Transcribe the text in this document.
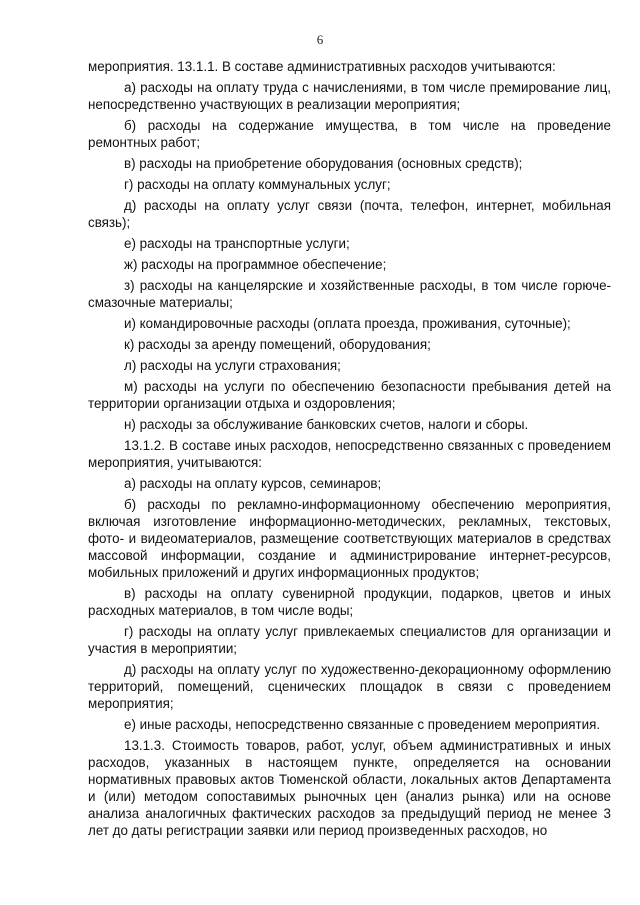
6

мероприятия. 13.1.1. В составе административных расходов учитываются:

а) расходы на оплату труда с начислениями, в том числе премирование лиц, непосредственно участвующих в реализации мероприятия;

б) расходы на содержание имущества, в том числе на проведение ремонтных работ;

в) расходы на приобретение оборудования (основных средств);

г) расходы на оплату коммунальных услуг;

д) расходы на оплату услуг связи (почта, телефон, интернет, мобильная связь);

е) расходы на транспортные услуги;

ж) расходы на программное обеспечение;

з) расходы на канцелярские и хозяйственные расходы, в том числе горюче-смазочные материалы;

и) командировочные расходы (оплата проезда, проживания, суточные);

к) расходы за аренду помещений, оборудования;

л) расходы на услуги страхования;

м) расходы на услуги по обеспечению безопасности пребывания детей на территории организации отдыха и оздоровления;

н) расходы за обслуживание банковских счетов, налоги и сборы.

13.1.2. В составе иных расходов, непосредственно связанных с проведением мероприятия, учитываются:

а) расходы на оплату курсов, семинаров;

б) расходы по рекламно-информационному обеспечению мероприятия, включая изготовление информационно-методических, рекламных, текстовых, фото- и видеоматериалов, размещение соответствующих материалов в средствах массовой информации, создание и администрирование интернет-ресурсов, мобильных приложений и других информационных продуктов;

в) расходы на оплату сувенирной продукции, подарков, цветов и иных расходных материалов, в том числе воды;

г) расходы на оплату услуг привлекаемых специалистов для организации и участия в мероприятии;

д) расходы на оплату услуг по художественно-декорационному оформлению территорий, помещений, сценических площадок в связи с проведением мероприятия;

е) иные расходы, непосредственно связанные с проведением мероприятия.

13.1.3. Стоимость товаров, работ, услуг, объем административных и иных расходов, указанных в настоящем пункте, определяется на основании нормативных правовых актов Тюменской области, локальных актов Департамента и (или) методом сопоставимых рыночных цен (анализ рынка) или на основе анализа аналогичных фактических расходов за предыдущий период не менее 3 лет до даты регистрации заявки или период произведенных расходов, но
